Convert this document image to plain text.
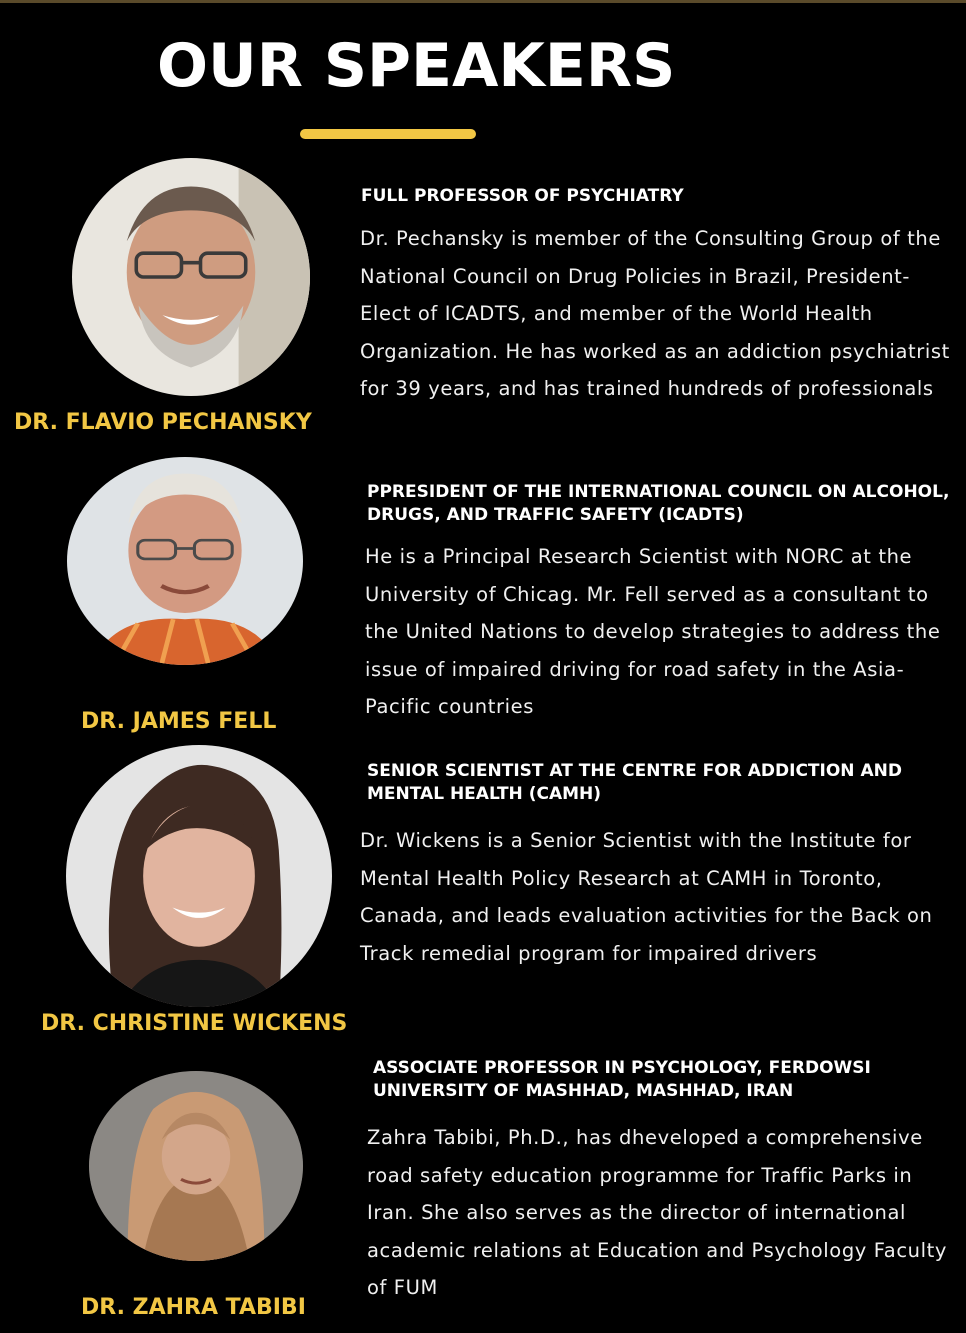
OUR SPEAKERS
DR. FLAVIO PECHANSKY
FULL PROFESSOR OF PSYCHIATRY

Dr. Pechansky is member of the Consulting Group of the National Council on Drug Policies in Brazil, President-Elect of ICADTS, and member of the World Health Organization. He has worked as an addiction psychiatrist for 39 years, and has trained hundreds of professionals

DR. JAMES FELL
PPRESIDENT OF THE INTERNATIONAL COUNCIL ON ALCOHOL, DRUGS, AND TRAFFIC SAFETY (ICADTS)

He is a Principal Research Scientist with NORC at the University of Chicag. Mr. Fell served as a consultant to the United Nations to develop strategies to address the issue of impaired driving for road safety in the Asia-Pacific countries

DR. CHRISTINE WICKENS
SENIOR SCIENTIST AT THE CENTRE FOR ADDICTION AND MENTAL HEALTH (CAMH)

Dr. Wickens is a Senior Scientist with the Institute for Mental Health Policy Research at CAMH in Toronto, Canada, and leads evaluation activities for the Back on Track remedial program for impaired drivers

DR. ZAHRA TABIBI
ASSOCIATE PROFESSOR IN PSYCHOLOGY, FERDOWSI UNIVERSITY OF MASHHAD, MASHHAD, IRAN

Zahra Tabibi, Ph.D., has dheveloped a comprehensive road safety education programme for Traffic Parks in Iran. She also serves as the director of international academic relations at Education and Psychology Faculty of FUM
